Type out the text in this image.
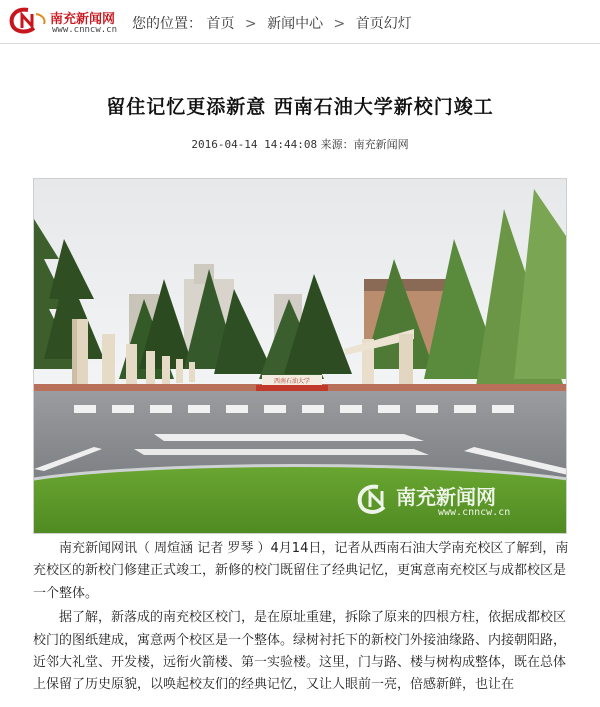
南充新闻网
www.cnncw.cn 您的位置： 首页 > 新闻中心 > 首页幻灯
留住记忆更添新意 西南石油大学新校门竣工
2016-04-14 14:44:08 来源：南充新闻网
西南石油大学
南充新闻网
www.cnncw.cn

南充新闻网讯（ 周煊涵 记者 罗琴 ）4月14日，记者从西南石油大学南充校区了解到，南充校区的新校门修建正式竣工，新修的校门既留住了经典记忆，更寓意南充校区与成都校区是一个整体。

据了解，新落成的南充校区校门，是在原址重建，拆除了原来的四根方柱，依据成都校区校门的图纸建成，寓意两个校区是一个整体。绿树衬托下的新校门外接油缘路、内接朝阳路，近邻大礼堂、开发楼，远衔火箭楼、第一实验楼。这里，门与路、楼与树构成整体，既在总体上保留了历史原貌，以唤起校友们的经典记忆，又让人眼前一亮，倍感新鲜，也让在
